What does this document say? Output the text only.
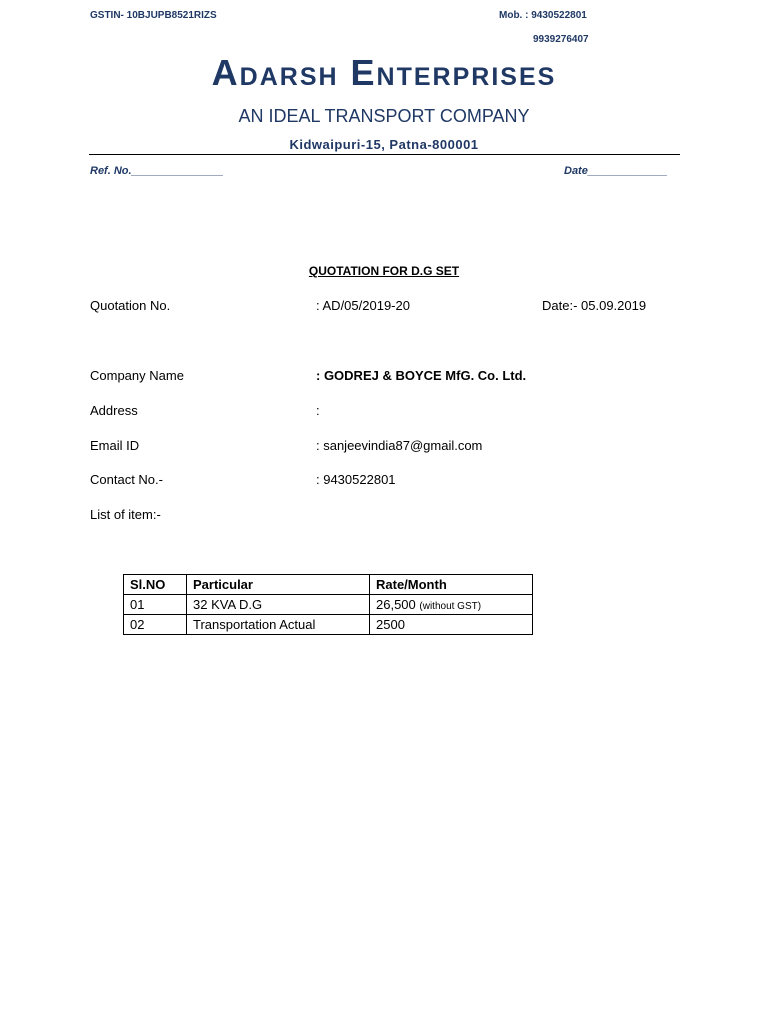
GSTIN- 10BJUPB8521RIZS	Mob. : 9430522801
9939276407
Adarsh Enterprises
AN IDEAL TRANSPORT COMPANY
Kidwaipuri-15, Patna-800001
Ref. No._______________	Date_____________
QUOTATION FOR D.G SET
Quotation No.	: AD/05/2019-20	Date:- 05.09.2019
Company Name	: GODREJ & BOYCE MfG. Co. Ltd.
Address	:
Email ID	: sanjeevindia87@gmail.com
Contact No.-	: 9430522801
List of item:-
Sl.NO	Particular	Rate/Month
01	32 KVA D.G	26,500 (without GST)
02	Transportation Actual	2500
